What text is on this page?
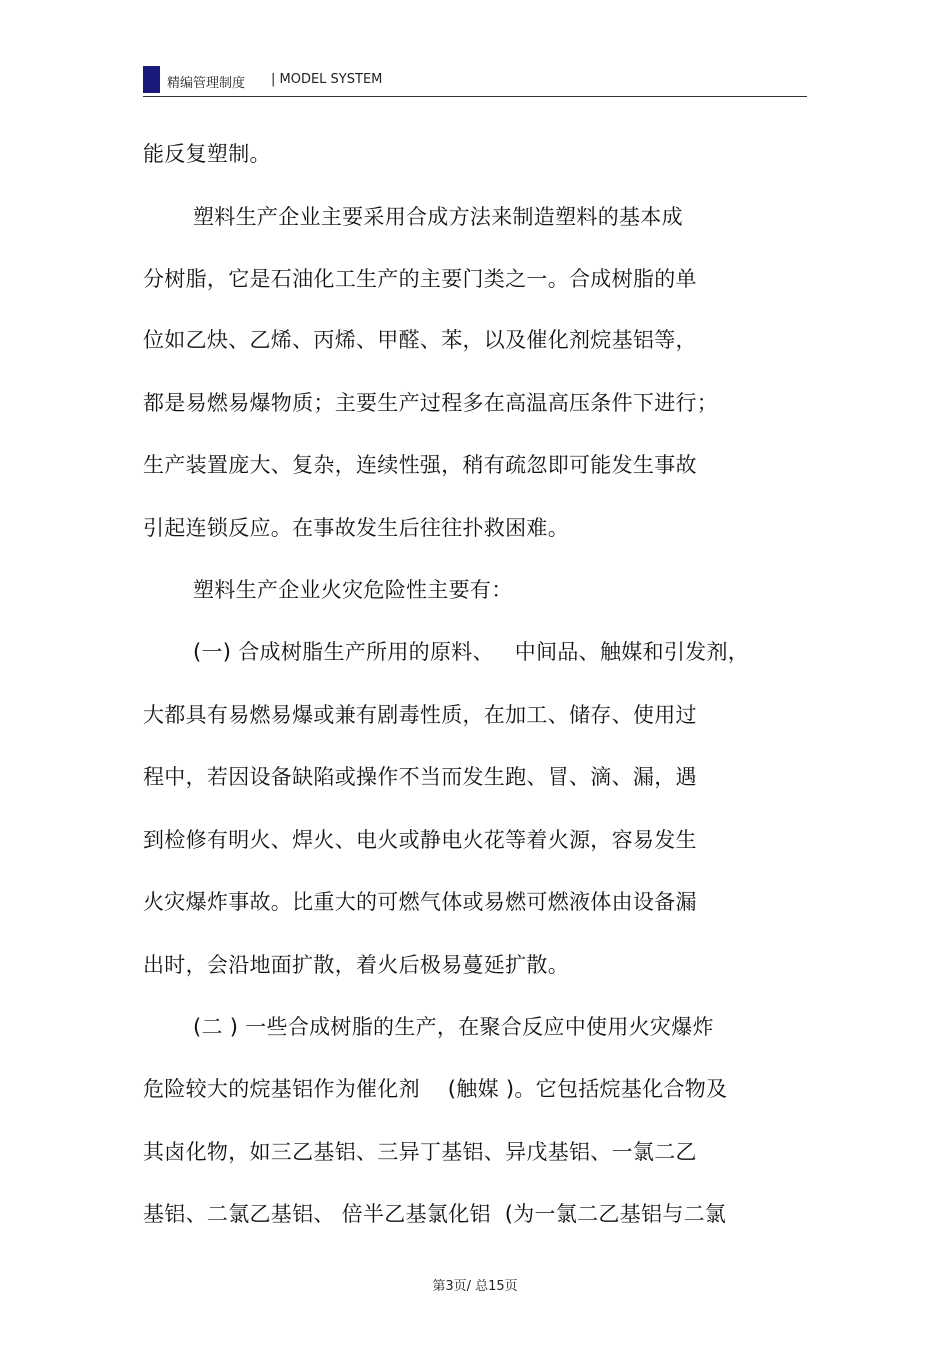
精编管理制度 | MODEL SYSTEM
能反复塑制。
塑料生产企业主要采用合成方法来制造塑料的基本成
分树脂，它是石油化工生产的主要门类之一。合成树脂的单
位如乙炔、乙烯、丙烯、甲醛、苯，以及催化剂烷基铝等，
都是易燃易爆物质；主要生产过程多在高温高压条件下进行；
生产装置庞大、复杂，连续性强，稍有疏忽即可能发生事故
引起连锁反应。在事故发生后往往扑救困难。
塑料生产企业火灾危险性主要有：
(一) 合成树脂生产所用的原料、   中间品、触媒和引发剂，
大都具有易燃易爆或兼有剧毒性质，在加工、储存、使用过
程中，若因设备缺陷或操作不当而发生跑、冒、滴、漏，遇
到检修有明火、焊火、电火或静电火花等着火源，容易发生
火灾爆炸事故。比重大的可燃气体或易燃可燃液体由设备漏
出时，会沿地面扩散，着火后极易蔓延扩散。
(二 ) 一些合成树脂的生产，在聚合反应中使用火灾爆炸
危险较大的烷基铝作为催化剂    (触媒 )。它包括烷基化合物及
其卤化物，如三乙基铝、三异丁基铝、异戊基铝、一氯二乙
基铝、二氯乙基铝、 倍半乙基氯化铝  (为一氯二乙基铝与二氯
第3页/ 总15页
